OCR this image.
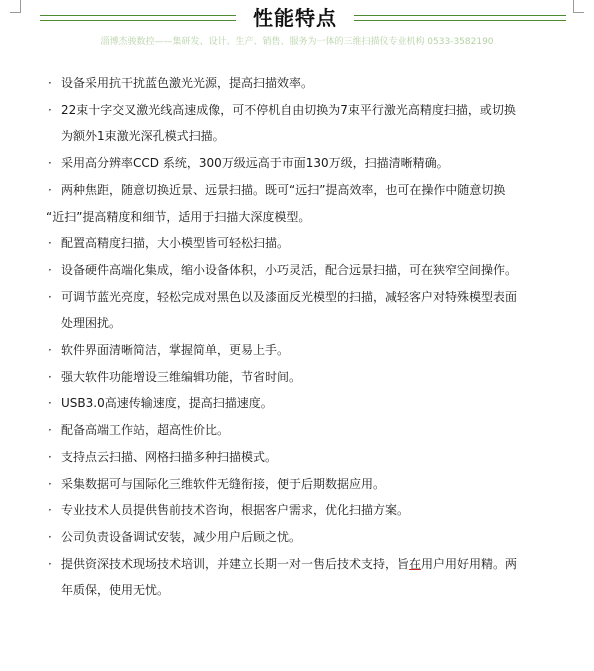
性能特点

淄博杰骏数控——集研发、设计、生产、销售、服务为一体的三维扫描仪专业机构 0533-3582190

· 设备采用抗干扰蓝色激光光源，提高扫描效率。
· 22束十字交叉激光线高速成像，可不停机自由切换为7束平行激光高精度扫描，或切换
为额外1束激光深孔模式扫描。
· 采用高分辨率CCD 系统，300万级远高于市面130万级，扫描清晰精确。
· 两种焦距，随意切换近景、远景扫描。既可“远扫”提高效率，也可在操作中随意切换
“近扫”提高精度和细节，适用于扫描大深度模型。
· 配置高精度扫描，大小模型皆可轻松扫描。
· 设备硬件高端化集成，缩小设备体积，小巧灵活，配合远景扫描，可在狭窄空间操作。
· 可调节蓝光亮度，轻松完成对黑色以及漆面反光模型的扫描，减轻客户对特殊模型表面
处理困扰。
· 软件界面清晰简洁，掌握简单，更易上手。
· 强大软件功能增设三维编辑功能，节省时间。
· USB3.0高速传输速度，提高扫描速度。
· 配备高端工作站，超高性价比。
· 支持点云扫描、网格扫描多种扫描模式。
· 采集数据可与国际化三维软件无缝衔接，便于后期数据应用。
· 专业技术人员提供售前技术咨询，根据客户需求，优化扫描方案。
· 公司负责设备调试安装，减少用户后顾之忧。
· 提供资深技术现场技术培训，并建立长期一对一售后技术支持，旨在用户用好用精。两
年质保，使用无忧。
